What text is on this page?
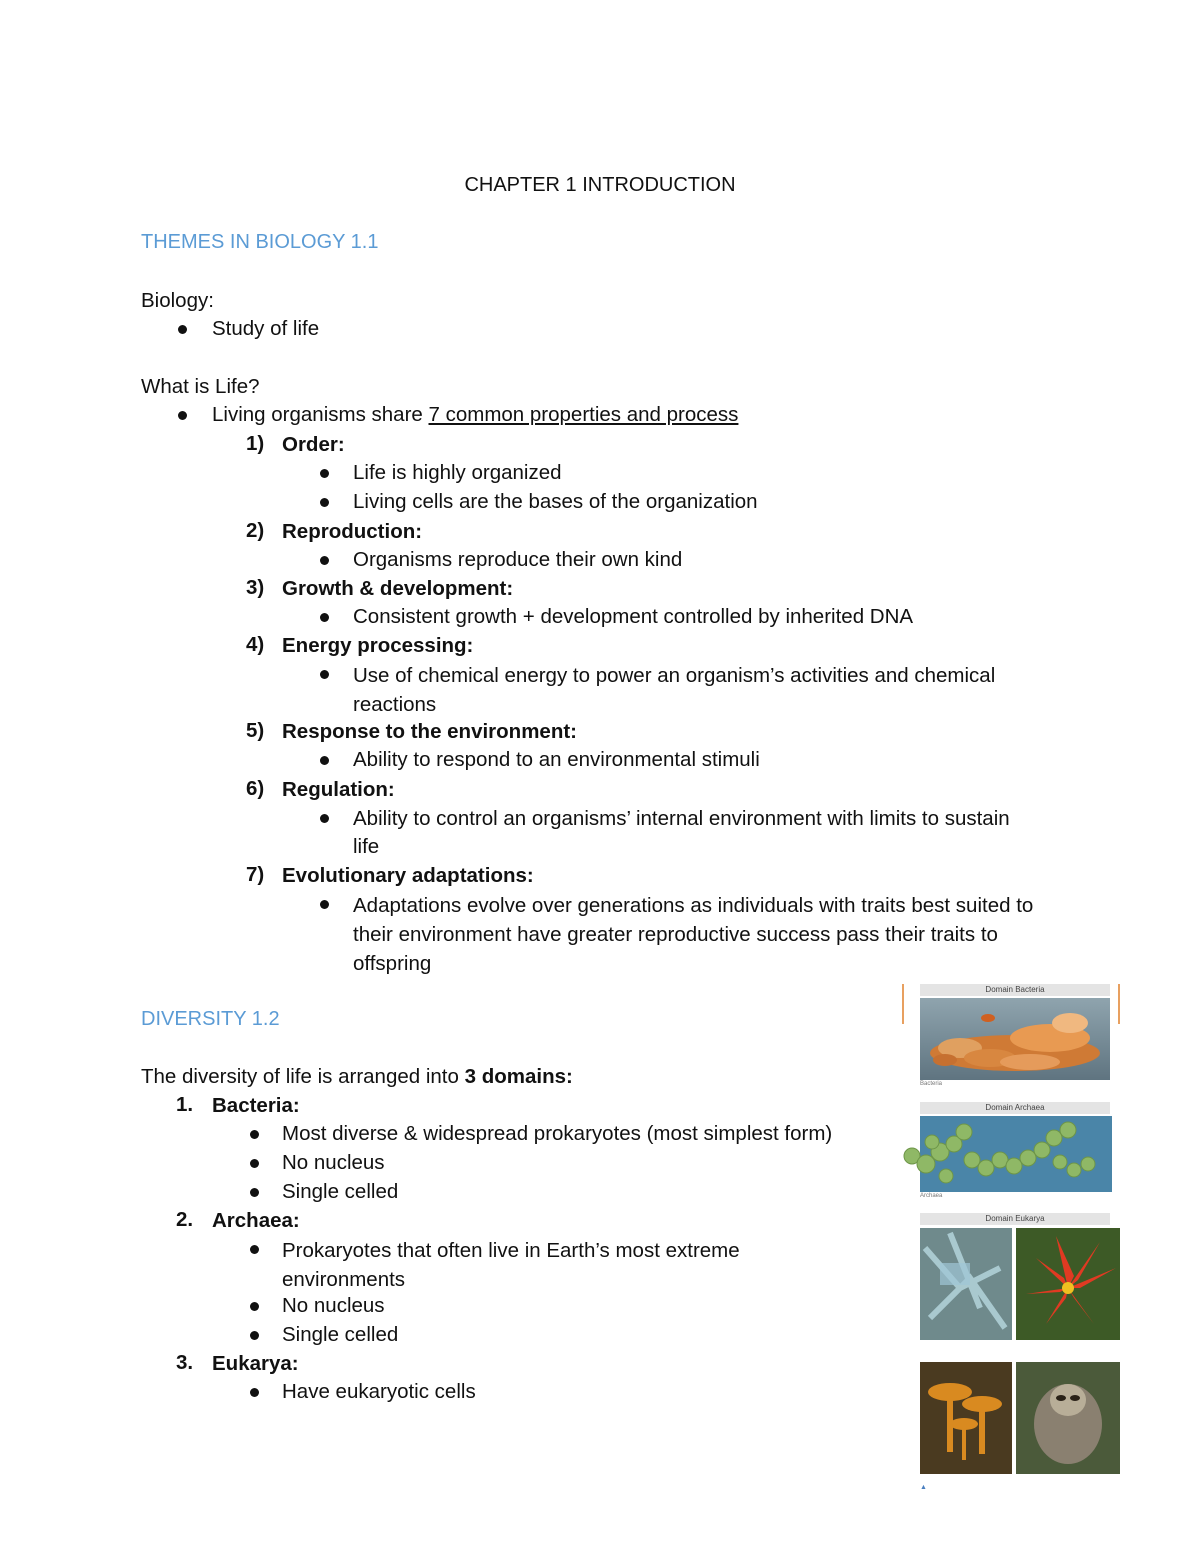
CHAPTER 1 INTRODUCTION
THEMES IN BIOLOGY 1.1
Biology:
Study of life
What is Life?
Living organisms share 7 common properties and process
1) Order:
Life is highly organized
Living cells are the bases of the organization
2) Reproduction:
Organisms reproduce their own kind
3) Growth & development:
Consistent growth + development controlled by inherited DNA
4) Energy processing:
Use of chemical energy to power an organism’s activities and chemical reactions
5) Response to the environment:
Ability to respond to an environmental stimuli
6) Regulation:
Ability to control an organisms’ internal environment with limits to sustain life
7) Evolutionary adaptations:
Adaptations evolve over generations as individuals with traits best suited to their environment have greater reproductive success pass their traits to offspring
DIVERSITY 1.2
The diversity of life is arranged into 3 domains:
1. Bacteria:
Most diverse & widespread prokaryotes (most simplest form)
No nucleus
Single celled
2. Archaea:
Prokaryotes that often live in Earth’s most extreme environments
No nucleus
Single celled
3. Eukarya:
Have eukaryotic cells
Domain Bacteria
Bacteria
Domain Archaea
Archaea
Domain Eukarya
▲
